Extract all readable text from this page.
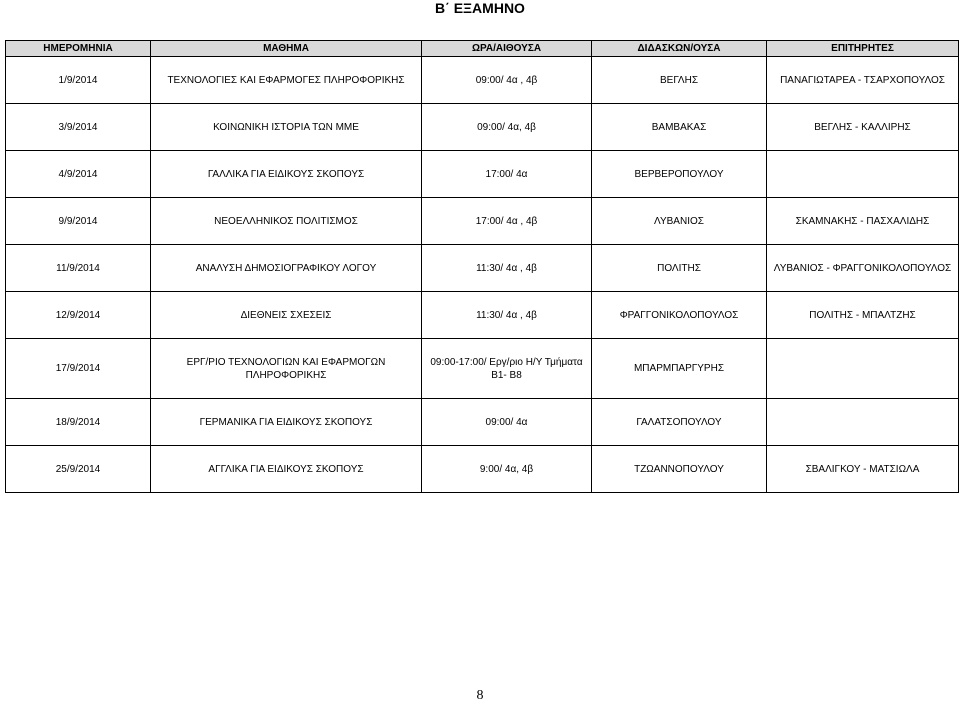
Β΄ ΕΞΑΜΗΝΟ
ΗΜΕΡΟΜΗΝΙΑ	ΜΑΘΗΜΑ	ΩΡΑ/ΑΙΘΟΥΣΑ	ΔΙΔΑΣΚΩΝ/ΟΥΣΑ	ΕΠΙΤΗΡΗΤΕΣ
1/9/2014	ΤΕΧΝΟΛΟΓΙΕΣ ΚΑΙ ΕΦΑΡΜΟΓΕΣ ΠΛΗΡΟΦΟΡΙΚΗΣ	09:00/ 4α , 4β	ΒΕΓΛΗΣ	ΠΑΝΑΓΙΩΤΑΡΕΑ - ΤΣΑΡΧΟΠΟΥΛΟΣ
3/9/2014	ΚΟΙΝΩΝΙΚΗ ΙΣΤΟΡΙΑ ΤΩΝ ΜΜΕ	09:00/ 4α, 4β	ΒΑΜΒΑΚΑΣ	ΒΕΓΛΗΣ - ΚΑΛΛΙΡΗΣ
4/9/2014	ΓΑΛΛΙΚΑ ΓΙΑ ΕΙΔΙΚΟΥΣ ΣΚΟΠΟΥΣ	17:00/ 4α	ΒΕΡΒΕΡΟΠΟΥΛΟΥ	
9/9/2014	ΝΕΟΕΛΛΗΝΙΚΟΣ ΠΟΛΙΤΙΣΜΟΣ	17:00/ 4α , 4β	ΛΥΒΑΝΙΟΣ	ΣΚΑΜΝΑΚΗΣ - ΠΑΣΧΑΛΙΔΗΣ
11/9/2014	ΑΝΑΛΥΣΗ ΔΗΜΟΣΙΟΓΡΑΦΙΚΟΥ ΛΟΓΟΥ	11:30/ 4α , 4β	ΠΟΛΙΤΗΣ	ΛΥΒΑΝΙΟΣ - ΦΡΑΓΓΟΝΙΚΟΛΟΠΟΥΛΟΣ
12/9/2014	ΔΙΕΘΝΕΙΣ ΣΧΕΣΕΙΣ	11:30/ 4α , 4β	ΦΡΑΓΓΟΝΙΚΟΛΟΠΟΥΛΟΣ	ΠΟΛΙΤΗΣ - ΜΠΑΛΤΖΗΣ
17/9/2014	ΕΡΓ/ΡΙΟ ΤΕΧΝΟΛΟΓΙΩΝ ΚΑΙ ΕΦΑΡΜΟΓΩΝ ΠΛΗΡΟΦΟΡΙΚΗΣ	09:00-17:00/ Εργ/ριο Η/Υ Τμήματα Β1- Β8	ΜΠΑΡΜΠΑΡΓΥΡΗΣ	
18/9/2014	ΓΕΡΜΑΝΙΚΑ ΓΙΑ ΕΙΔΙΚΟΥΣ ΣΚΟΠΟΥΣ	09:00/ 4α	ΓΑΛΑΤΣΟΠΟΥΛΟΥ	
25/9/2014	ΑΓΓΛΙΚΑ ΓΙΑ ΕΙΔΙΚΟΥΣ ΣΚΟΠΟΥΣ	9:00/ 4α, 4β	ΤΖΩΑΝΝΟΠΟΥΛΟΥ	ΣΒΑΛΙΓΚΟΥ - ΜΑΤΣΙΩΛΑ
8
